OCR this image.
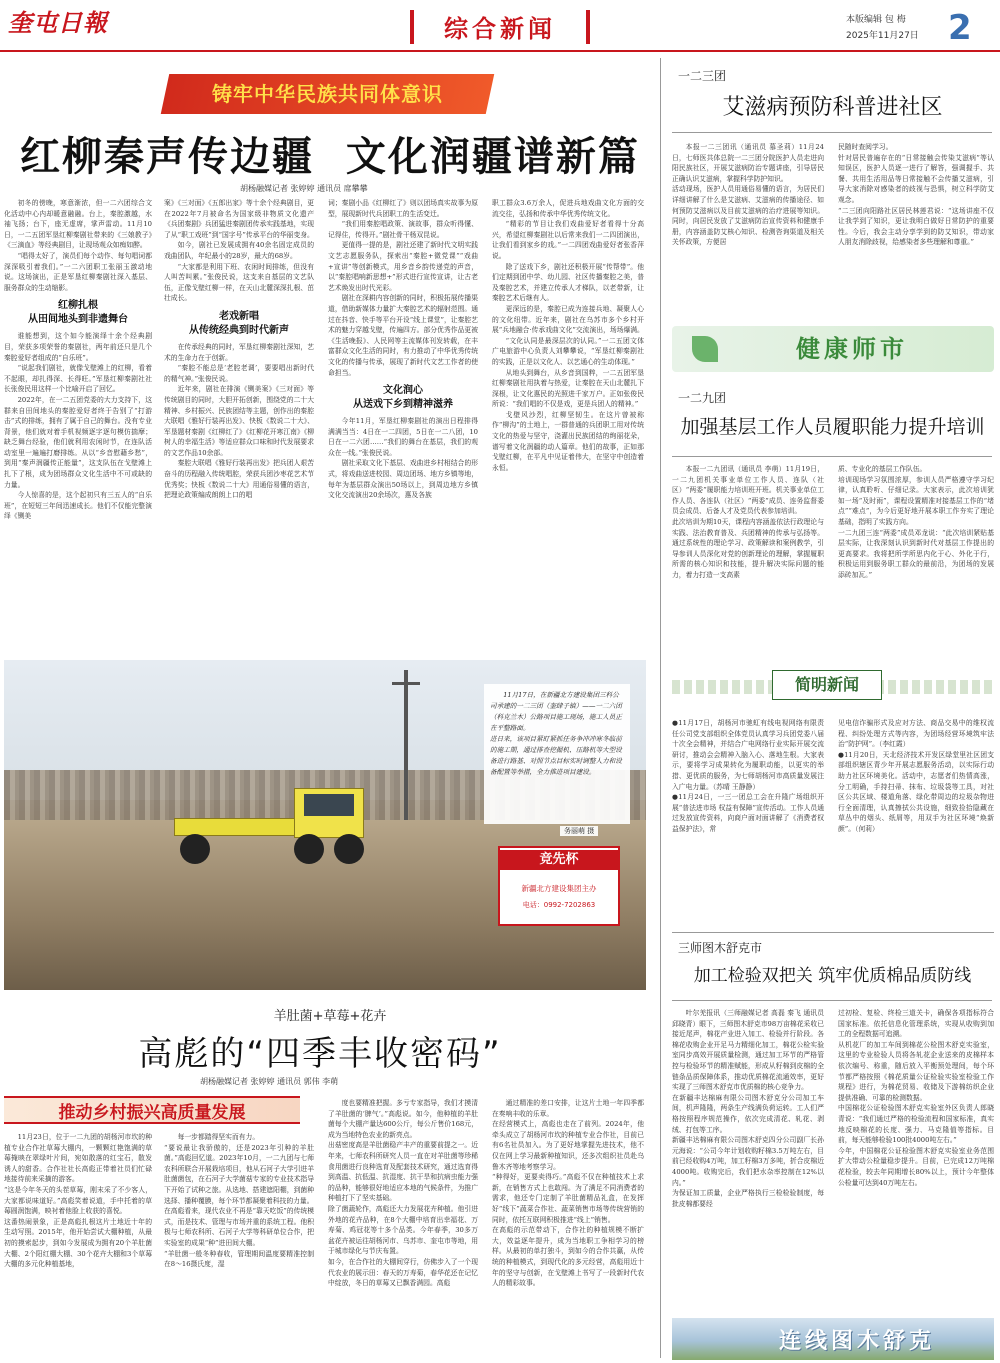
奎屯日報	综合新闻	本版编辑 包 梅
2025年11月27日 2
铸牢中华民族共同体意识
红柳秦声传边疆  文化润疆谱新篇
胡杨融媒记者 张婷婷 通讯员 席攀攀

初冬的傍晚，寒意渐浓，但一二六团综合文化活动中心内却暖意融融。台上，秦腔激越，水袖飞扬；台下，座无虚席，掌声雷动。11月10日，一二五团军垦红柳秦剧社带来的《三娘教子》《三滴血》等经典剧目，让现场观众如痴如醉。

“唱得太好了，演员们每个动作、每句唱词都深深吸引着我们。”一二六团职工张丽玉激动地说。这场演出，正是军垦红柳秦剧社深入基层、服务群众的生动缩影。

红柳扎根
从田间地头到非遗舞台

谁能想到，这个如今能演绎十余个经典剧目，荣获多项荣誉的秦剧社，两年前还只是几个秦腔爱好者组成的“自乐班”。

“说起我们剧社，就像戈壁滩上的红柳，看着不起眼，却扎得深、长得旺。”军垦红柳秦剧社社长张俊民用这样一个比喻开启了回忆。

2022年，在一二五团党委的大力支持下，这群来自田间地头的秦腔爱好者终于告别了“打游击”式的排练，拥有了属于自己的舞台。没有专业背景，他们就对着手机视频逐字逐句模仿揣摩；缺乏舞台经验，他们就利用农闲时节，在连队活动室里一遍遍打磨排练。从以“乡音慰藉乡愁”，到用“秦声润疆传正能量”，这支队伍在戈壁滩上扎下了根，成为团场群众文化生活中不可或缺的力量。

今人惊喜的是，这个起初只有三五人的“自乐班”，在短短三年间迅速成长。他们不仅能完整演绎《铡美

案》《三对面》《五郎出家》等十余个经典剧目，更在2022年7月被命名为国家级非物质文化遗产《兵团秦剧》兵团猛进秦剧团传承实践基地，实现了从“职工戏班”到“国字号”传承平台的华丽变身。

如今，剧社已发展成拥有40余名固定成员的戏曲团队，年纪最小的28岁，最大的68岁。

“大家都是利用下班、农闲时间排练，但没有人叫苦叫累。”张俊民说，这支来自基层的文艺队伍，正像戈壁红柳一样，在天山北麓深深扎根、茁壮成长。

老戏新唱
从传统经典到时代新声

在传承经典的同时，军垦红柳秦剧社深知，艺术的生命力在于创新。

“秦腔不能总是‘老腔老调’，要要唱出新时代的精气神。”张俊民说。

近年来，剧社在排演《铡美案》《三对面》等传统剧目的同时，大胆开拓创新，围绕党的二十大精神、乡村振兴、民族团结等主题，创作出的秦腔大联唱《雅好行装再出发》、快板《数说二十大》、军垦题材秦剧《红柳红了》《红柳花开寒江南》《柳树人的幸福生活》等适应群众口味和时代发展要求的文艺作品10余部。

秦腔大联唱《雅好行装再出发》把兵团人艰苦奋斗的历程融入传统唱腔，荣获兵团沙枣花艺术节优秀奖；快板《数说二十大》用通俗易懂的语言，把理论政策编成朗朗上口的唱

词；秦剧小品《红柳红了》则以团场真实故事为原型，展现新时代兵团职工的生活变迁。

“我们用秦腔唱政策、演故事，群众听得懂、记得住，传得开。”剧社骨干杨双昆说。

更值得一提的是，剧社还建了新时代文明实践文艺志愿服务队，探索出“秦腔+微党课”“戏曲+宣讲”等创新模式，用乡音乡韵传递党的声音，以“秦腔唱响新思想+”形式进行宣传宣讲，让古老艺术焕发出时代光彩。

剧社在深耕内容创新的同时，积极拓展传播渠道，借助新媒体力量扩大秦腔艺术的辐射范围。通过在抖音、快手等平台开设“线上课堂”，让秦腔艺术的魅力穿越戈壁，传遍四方。部分优秀作品更被《生活晚报》、人民网等主流媒体刊发转载，在丰富群众文化生活的同时，有力推动了中华优秀传统文化的传播与传承，展现了新时代文艺工作者的使命担当。

文化润心
从送戏下乡到精神滋养

今年11月，军垦红柳秦剧社的演出日程排得满满当当：4日在一二四团，5日在一二八团，10日在一二六团……“我们的舞台在基层，我们的观众在一线。”张俊民说。

剧社采取文化下基层、戏曲进乡村相结合的形式，将戏曲送进校园、周边团场、地方乡镇等地，每年为基层群众演出50场以上，到周边地方乡镇文化交流演出20余场次，惠及各族

职工群众3.6万余人，促进兵地戏曲文化方面的交流交往，弘扬和传承中华优秀传统文化。

“精彩的节目让我们戏曲爱好者看得十分高兴，希望红柳秦剧社以后常来我们一二四团演出，让我们看到家乡的戏。”一二四团戏曲爱好者张香萍说。

除了送戏下乡，剧社还积极开展“传帮带”。他们定期到团中学、幼儿园、社区传播秦腔之美，普及秦腔艺术，并建立传承人才梯队，以老带新，让秦腔艺术后继有人。

更深远的是，秦腔已成为连接兵地、凝聚人心的文化纽带。近年来，剧社在乌苏市多个乡村开展“兵地融合·传承戏曲文化”交流演出，场场爆满。

“文化认同是最深层次的认同。”一二五团文体广电旅游中心负责人刘攀攀说，“军垦红柳秦剧社的实践，正是以文化人、以艺通心的生动体现。”

从地头到舞台，从乡音到国粹，一二五团军垦红柳秦剧社用执着与热爱，让秦腔在天山北麓扎下深根，让文化惠民的光照进千家万户。正如张俊民所说：“我们唱的不仅是戏，更是兵团人的精神。”

戈壁风沙烈，红柳坚韧生。在这片曾被称作“柳沟”的土地上，一群普通的兵团职工用对传统文化的热爱与坚守，浇灌出民族团结的绚丽花朵，谱写着文化润疆的动人篇章。他们的故事，正如那戈壁红柳，在平凡中见证着伟大，在坚守中创造着永恒。

11月17日，在新疆北方建设集团三科公司承建的一二三团（奎肆子镇）——一二六团（科克兰木）公路项目施工现场，施工人员正在平整路面。
进日来，该项目紧盯紧抓任务争冲冲寒冬临前的施工期，通过排查挖掘机、压路机等大型设备进行路基、对照节点目标实时调整人力和设备配置等举措，全力推进项目建设。
务丽萌 摄
竞先杯
新疆北方建设集团主办
电话：0992-7202863
羊肚菌+草莓+花卉
高彪的“四季丰收密码”
胡杨融媒记者 张婷婷 通讯员 郭伟 李萌
推动乡村振兴高质量发展
11月23日，位于一二九团的胡杨河市坎的种植专业合作社草莓大棚内，一颗颗红艳饱满的草莓掩映在翠绿叶片间，宛如散落的红宝石，散发诱人的甜香。合作社社长高彪正带着社员们忙碌地接待前来采摘的游客。
“这是今年冬天的头茬草莓，刚末采了不少客人，大家都说味道好。”高彪笑着说道，手中托着的草莓圆润饱满，映衬着他脸上收获的喜悦。
这番热闹景象，正是高彪扎根这片土地近十年的生动写照。2015年，他开始尝试大棚种植，从最初的摸索起步，到如今发展成为拥有20个羊肚菌大棚、2个阳红棚大棚、30个花卉大棚和3个草莓大棚的多元化种植基地，
每一步都踏得坚实而有力。
“要说最让我骄傲的，还是2023年引种的羊肚菌。”高彪回忆道。2023年10月，一二九团与七师农科所联合开展栽培项目，他从石河子大学引进羊肚菌菌包，在石河子大学菌菇专家的专业技术指导下开始了试种之旅。从选地、搭建遮阳棚，到菌种选择、播种覆膜，每个环节都凝聚着科技的力量。
在高彪看来，现代农业不再是“靠天吃饭”的传统模式，而是技术、管理与市场并重的系统工程。他积极与七师农科所、石河子大学等科研单位合作，把实验室的成果“种”进田间大棚。
“羊肚菌一般冬种春收，管理期间温度要精准控制在8～16摄氏度，湿
度也要精准把握。多亏专家指导，我们才摸清了羊肚菌的‘脾气’。”高彪说。如今，他种植的羊肚菌每个大棚产量达600公斤，每公斤售价168元，成为当地特色农业的新亮点。
出菇密度高是羊肚菌稳产丰产的重要前提之一。近年来，七师农科所研究人员一直在对羊肚菌等珍稀食用菌进行良种选育及配套技术研究，通过选育得到高温、抗低温、抗湿度、抗干旱和抗病虫能力强的品种，能够很好地适应本地的气候条件，为推广种植打下了坚实基础。
除了菌蔬轮作，高彪还大力发展花卉种植。他引进外地的花卉品种，在8个大棚中培育出幸福花、万寿菊、鸡冠花等十多个品类。今年春季，30多万盆花卉被运往胡杨河市、乌苏市、奎屯市等地，用于城市绿化与节庆布置。
如今，在合作社的大棚间穿行，仿佛步入了一个现代农业的展示田：春天的万寿菊，春华花还在记忆中绽放，冬日的草莓又已飘香满园。高彪
通过精准的差口安排，让这片土地一年四季都在奏响丰收的乐章。
在经营模式上，高彪也走在了前列。2024年，他牵头成立了胡杨河市坎的种植专业合作社，目前已有6名社员加入。为了更好地掌握先进技术，他不仅在网上学习最新种植知识，还多次组织社员赴乌鲁木齐等地考察学习。
“种得好，更要卖得巧。”高彪不仅在种植技术上求新，在销售方式上也敢闯。为了满足不同消费者的需求，他还专门定制了羊肚菌精品礼盒，在发挥好“线下”蔬菜合作社、蔬菜销售市场等传统营销的同时，依托互联网积极推进“线上”销售。
在高彪的示范带动下，合作社的种植规模不断扩大，效益逐年提升，成为当地职工争相学习的榜样。从最初的单打独斗，到如今的合作共赢，从传统的种植模式，到现代化的多元经营，高彪用近十年的坚守与创新，在戈壁滩上书写了一段新时代农人的精彩故事。
一二三团
艾滋病预防科普进社区
本报一二三团讯（通讯员 慕圣莉）11月24日，七师医共体总院一二三团分院医护人员走进向阳民族社区，开展艾滋病防治专题讲座，引导居民正确认识艾滋病，掌握科学防护知识。
活动现场，医护人员用通俗易懂的语言，为居民们详细讲解了什么是艾滋病、艾滋病的传播途径、如何预防艾滋病以及目前艾滋病的治疗进展等知识。同时，向居民发放了艾滋病防治宣传资料和健康手册，内容涵盖防艾核心知识、检测咨询渠道及相关关怀政策，方便居
民随时查阅学习。
针对居民普遍存在的“日常接触会传染艾滋病”等认知误区，医护人员逐一进行了解答，强调握手、共餐、共用生活用品等日常接触不会传播艾滋病，引导大家消除对感染者的歧视与恐惧，树立科学防艾观念。
“二三团向阳路社区居民林莲君说：“这场讲座不仅让我学到了知识，更让我明白做好日常防护的重要性。今后，我会主动分享学到的防艾知识，带动家人朋友消除歧视，给感染者多些理解和尊重。”
健康师市
一二九团
加强基层工作人员履职能力提升培训
本报一二九团讯（通讯员 李萌）11月19日，一二九团机关事业单位工作人员、连队（社区）“两委”履职能力培训班开班。机关事业单位工作人员、各连队（社区）“两委”成员、连务监督委员会成员、后备人才及党员代表参加培训。
此次培训为期10天，课程内容涵盖依法行政理论与实践、法治教育普及、兵团精神的传承与弘扬等。通过系统性的理论学习、政策解读和案例教学，引导参训人员深化对党的创新理论的理解，掌握履职所需的核心知识和技能，提升解决实际问题的能力，着力打造一支高素
质、专业化的基层工作队伍。
培训现场学习氛围浓厚，参训人员严格遵守学习纪律，认真聆听、仔细记录。大家表示，此次培训犹如一场“及时雨”，课程设置精准对接基层工作的“堵点”“难点”，为今后更好地开展本职工作夯实了理论基础，指明了实践方向。
一二九团三连“两委”成员邓龙说：“此次培训紧贴基层实际，让我深刻认识到新时代对基层工作提出的更高要求。我将把所学所思内化于心、外化于行，积极运用到服务职工群众的最前沿，为团场的发展添砖加瓦。”
简明新闻
●11月17日，胡杨河市驰虹有线电视网络有限责任公司党支部组织全体党员认真学习兵团党委八届十次全会精神，并结合广电网络行业实际开展交流研讨，推动会会精神入脑入心、落地生根。大家表示，要将学习成果转化为履职动能，以更实的举措、更优质的服务，为七师胡杨河市高质量发展注入广电力量。（苏晴 王静静）
●11月24日，一三一团总工会在升隆广场组织开展“普法进市场 权益有保障”宣传活动。工作人员通过发放宣传资料，向商户面对面讲解了《消费者权益保护法》，常
见电信诈骗形式及应对方法、商品交易中的维权流程、纠纷处理方式等内容，为团场经营环境筑牢法治“防护网”。（李红霞）
●11月20日，天北经济技术开发区绿堂里社区团支部组织辖区青少年开展志愿服务活动，以实际行动助力社区环境美化。活动中，志愿者们热情高涨，分工明确，手持扫帚、抹布、垃圾袋等工具，对社区公共区域、楼道角落、绿化带周边的垃圾杂物进行全面清理，认真擦拭公共设施，细致捡拾隐藏在草丛中的烟头、纸屑等，用双手为社区环境“焕新颜”。（何莉）
三师图木舒克市
加工检验双把关 筑牢优质棉品质防线
叶尔羌报讯（三师融媒记者 高磊 秦飞 通讯员 邱晓青）眼下，三师图木舒克市98万亩棉花采收已接近尾声，棉花产业进入加工、检验并行阶段。各棉花收购企业开足马力精细化加工，棉花公检实验室同步高效开展质量检测，通过加工环节的严格管控与检验环节的精准赋能，形成从籽棉到皮棉的全链条品质保障体系，推动优质棉花流通效率，更好实现了三师图木舒克市优质棉的核心竞争力。
在新疆丰达棉麻有限公司图木舒克分公司加工车间，机声隆隆，两条生产线满负荷运转。工人们严格按照程序规范操作，依次完成清花、轧花、剥绒、打包等工序。
新疆丰达棉麻有限公司图木舒克四分公司副厂长孙元海说：“公司今年计划收购籽棉3.5万吨左右，目前已经收购4万吨，加工籽棉3万多吨，折合皮棉近4000吨。收购完后，我们把水杂率控制在12%以内。”
为保证加工质量，企业严格执行三检检验制度，每批皮棉都要经
过初检、复检、终检三道关卡，确保各项指标符合国家标准。依托信息化管理系统，实现从收购到加工的全程数据可追溯。
从机花厂的加工车间到棉花公检图木舒克实验室，这里的专业检验人员将各轧花企业送来的皮棉样本依次编号、称重，随后放入平衡预处理间，每个环节都严格按照《棉花质量公证检验实验室检验工作规程》进行，为棉花贸易、收储及下游棉纺织企业提供准确、可靠的检测数据。
中国棉花公证检验图木舒克实验室外区负责人郎晓青说：“我们通过严格的检验流程和国家标准，真实地反映棉花的长度、强力、马克隆值等指标。目前，每天能够检验100批4000吨左右。”
今年，中国棉花公证检验图木舒克实验室业务范围扩大带动公检量稳步提升。目前，已完成12万吨棉花检验，较去年同期增长80%以上，预计今年整体公检量可达到40万吨左右。
连线图木舒克
